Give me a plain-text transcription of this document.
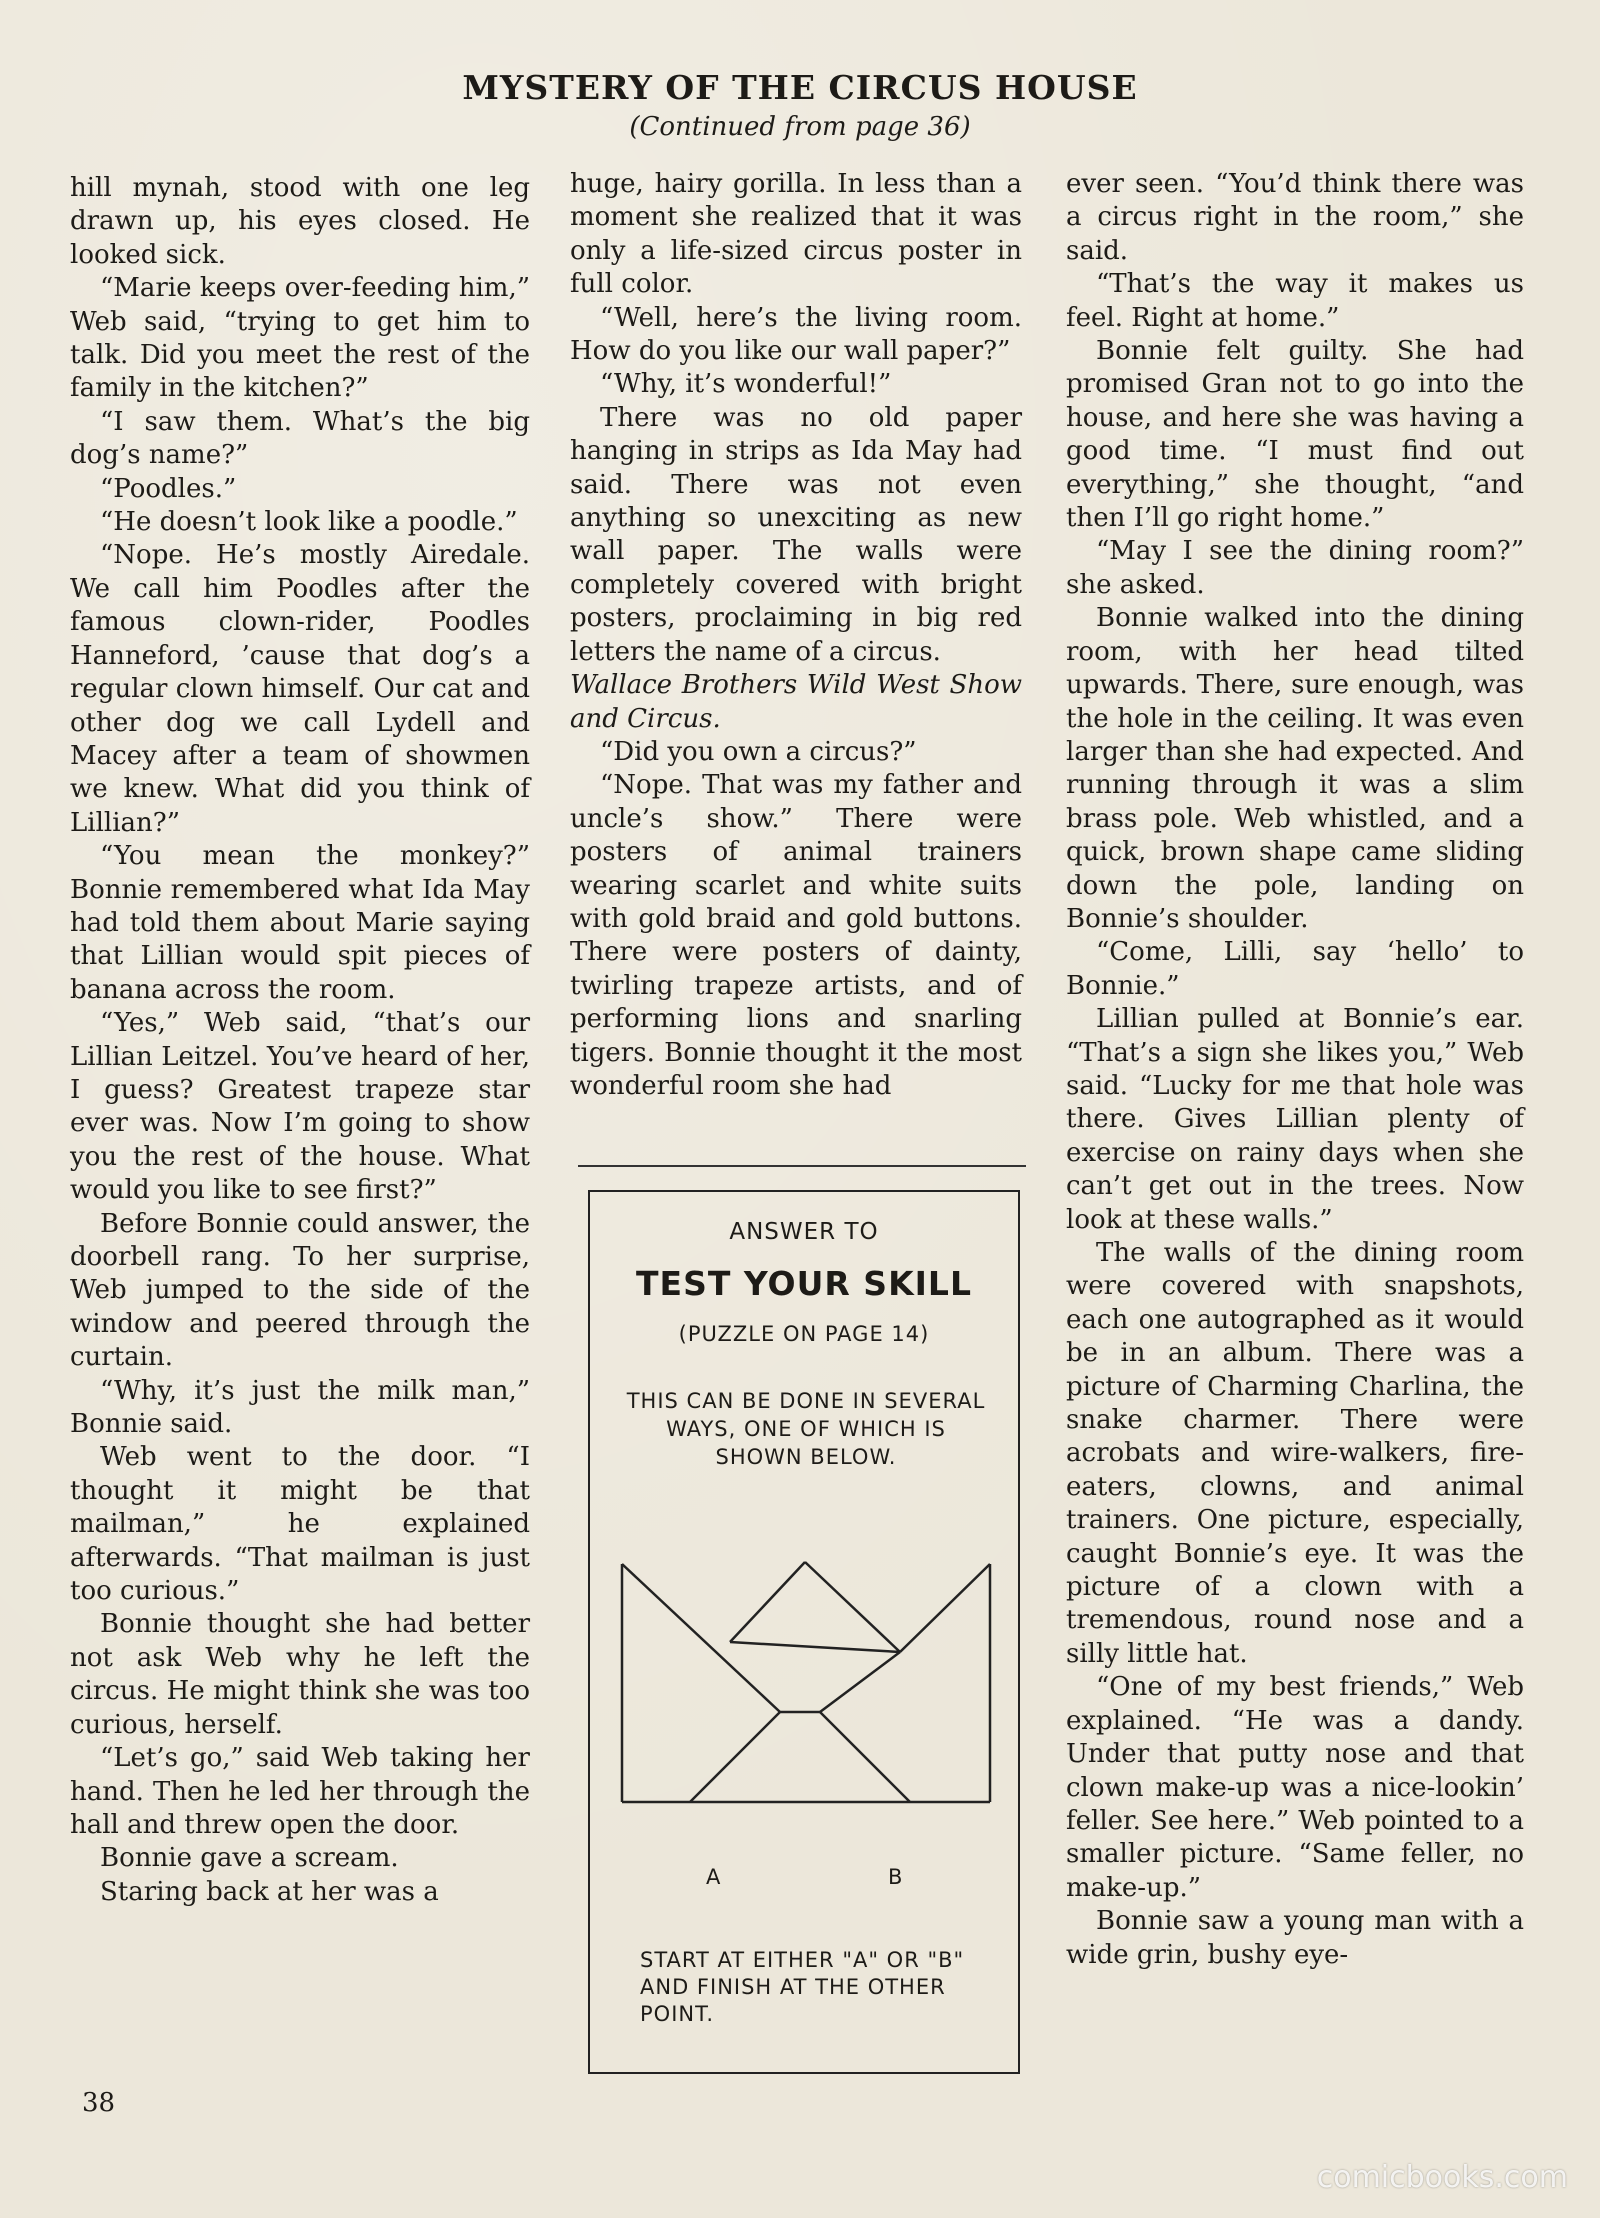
MYSTERY OF THE CIRCUS HOUSE
(Continued from page 36)

hill mynah, stood with one leg drawn up, his eyes closed. He looked sick.

“Marie keeps over-feeding him,” Web said, “trying to get him to talk. Did you meet the rest of the family in the kitchen?”

“I saw them. What’s the big dog’s name?”

“Poodles.”

“He doesn’t look like a poodle.”

“Nope. He’s mostly Airedale. We call him Poodles after the famous clown-rider, Poodles Hanneford, ’cause that dog’s a regular clown himself. Our cat and other dog we call Lydell and Macey after a team of showmen we knew. What did you think of Lillian?”

“You mean the monkey?” Bonnie remembered what Ida May had told them about Marie saying that Lillian would spit pieces of banana across the room.

“Yes,” Web said, “that’s our Lillian Leitzel. You’ve heard of her, I guess? Greatest trapeze star ever was. Now I’m going to show you the rest of the house. What would you like to see first?”

Before Bonnie could answer, the doorbell rang. To her surprise, Web jumped to the side of the window and peered through the curtain.

“Why, it’s just the milk man,” Bonnie said.

Web went to the door. “I thought it might be that mailman,” he explained afterwards. “That mailman is just too curious.”

Bonnie thought she had better not ask Web why he left the circus. He might think she was too curious, herself.

“Let’s go,” said Web taking her hand. Then he led her through the hall and threw open the door.

Bonnie gave a scream.

Staring back at her was a

huge, hairy gorilla. In less than a moment she realized that it was only a life-sized circus poster in full color.

“Well, here’s the living room. How do you like our wall paper?”

“Why, it’s wonderful!”

There was no old paper hanging in strips as Ida May had said. There was not even anything so unexciting as new wall paper. The walls were completely covered with bright posters, proclaiming in big red letters the name of a circus.

Wallace Brothers Wild West Show and Circus.

“Did you own a circus?”

“Nope. That was my father and uncle’s show.” There were posters of animal trainers wearing scarlet and white suits with gold braid and gold buttons. There were posters of dainty, twirling trapeze artists, and of performing lions and snarling tigers. Bonnie thought it the most wonderful room she had

ANSWER TO
TEST YOUR SKILL
(PUZZLE ON PAGE 14)
THIS CAN BE DONE IN SEVERAL WAYS, ONE OF WHICH IS SHOWN BELOW.
A	B
START AT EITHER "A" OR "B" AND FINISH AT THE OTHER POINT.

ever seen. “You’d think there was a circus right in the room,” she said.

“That’s the way it makes us feel. Right at home.”

Bonnie felt guilty. She had promised Gran not to go into the house, and here she was having a good time. “I must find out everything,” she thought, “and then I’ll go right home.”

“May I see the dining room?” she asked.

Bonnie walked into the dining room, with her head tilted upwards. There, sure enough, was the hole in the ceiling. It was even larger than she had expected. And running through it was a slim brass pole. Web whistled, and a quick, brown shape came sliding down the pole, landing on Bonnie’s shoulder.

“Come, Lilli, say ‘hello’ to Bonnie.”

Lillian pulled at Bonnie’s ear. “That’s a sign she likes you,” Web said. “Lucky for me that hole was there. Gives Lillian plenty of exercise on rainy days when she can’t get out in the trees. Now look at these walls.”

The walls of the dining room were covered with snapshots, each one autographed as it would be in an album. There was a picture of Charming Charlina, the snake charmer. There were acrobats and wire-walkers, fire-eaters, clowns, and animal trainers. One picture, especially, caught Bonnie’s eye. It was the picture of a clown with a tremendous, round nose and a silly little hat.

“One of my best friends,” Web explained. “He was a dandy. Under that putty nose and that clown make-up was a nice-lookin’ feller. See here.” Web pointed to a smaller picture. “Same feller, no make-up.”

Bonnie saw a young man with a wide grin, bushy eye-

38
comicbooks.com
